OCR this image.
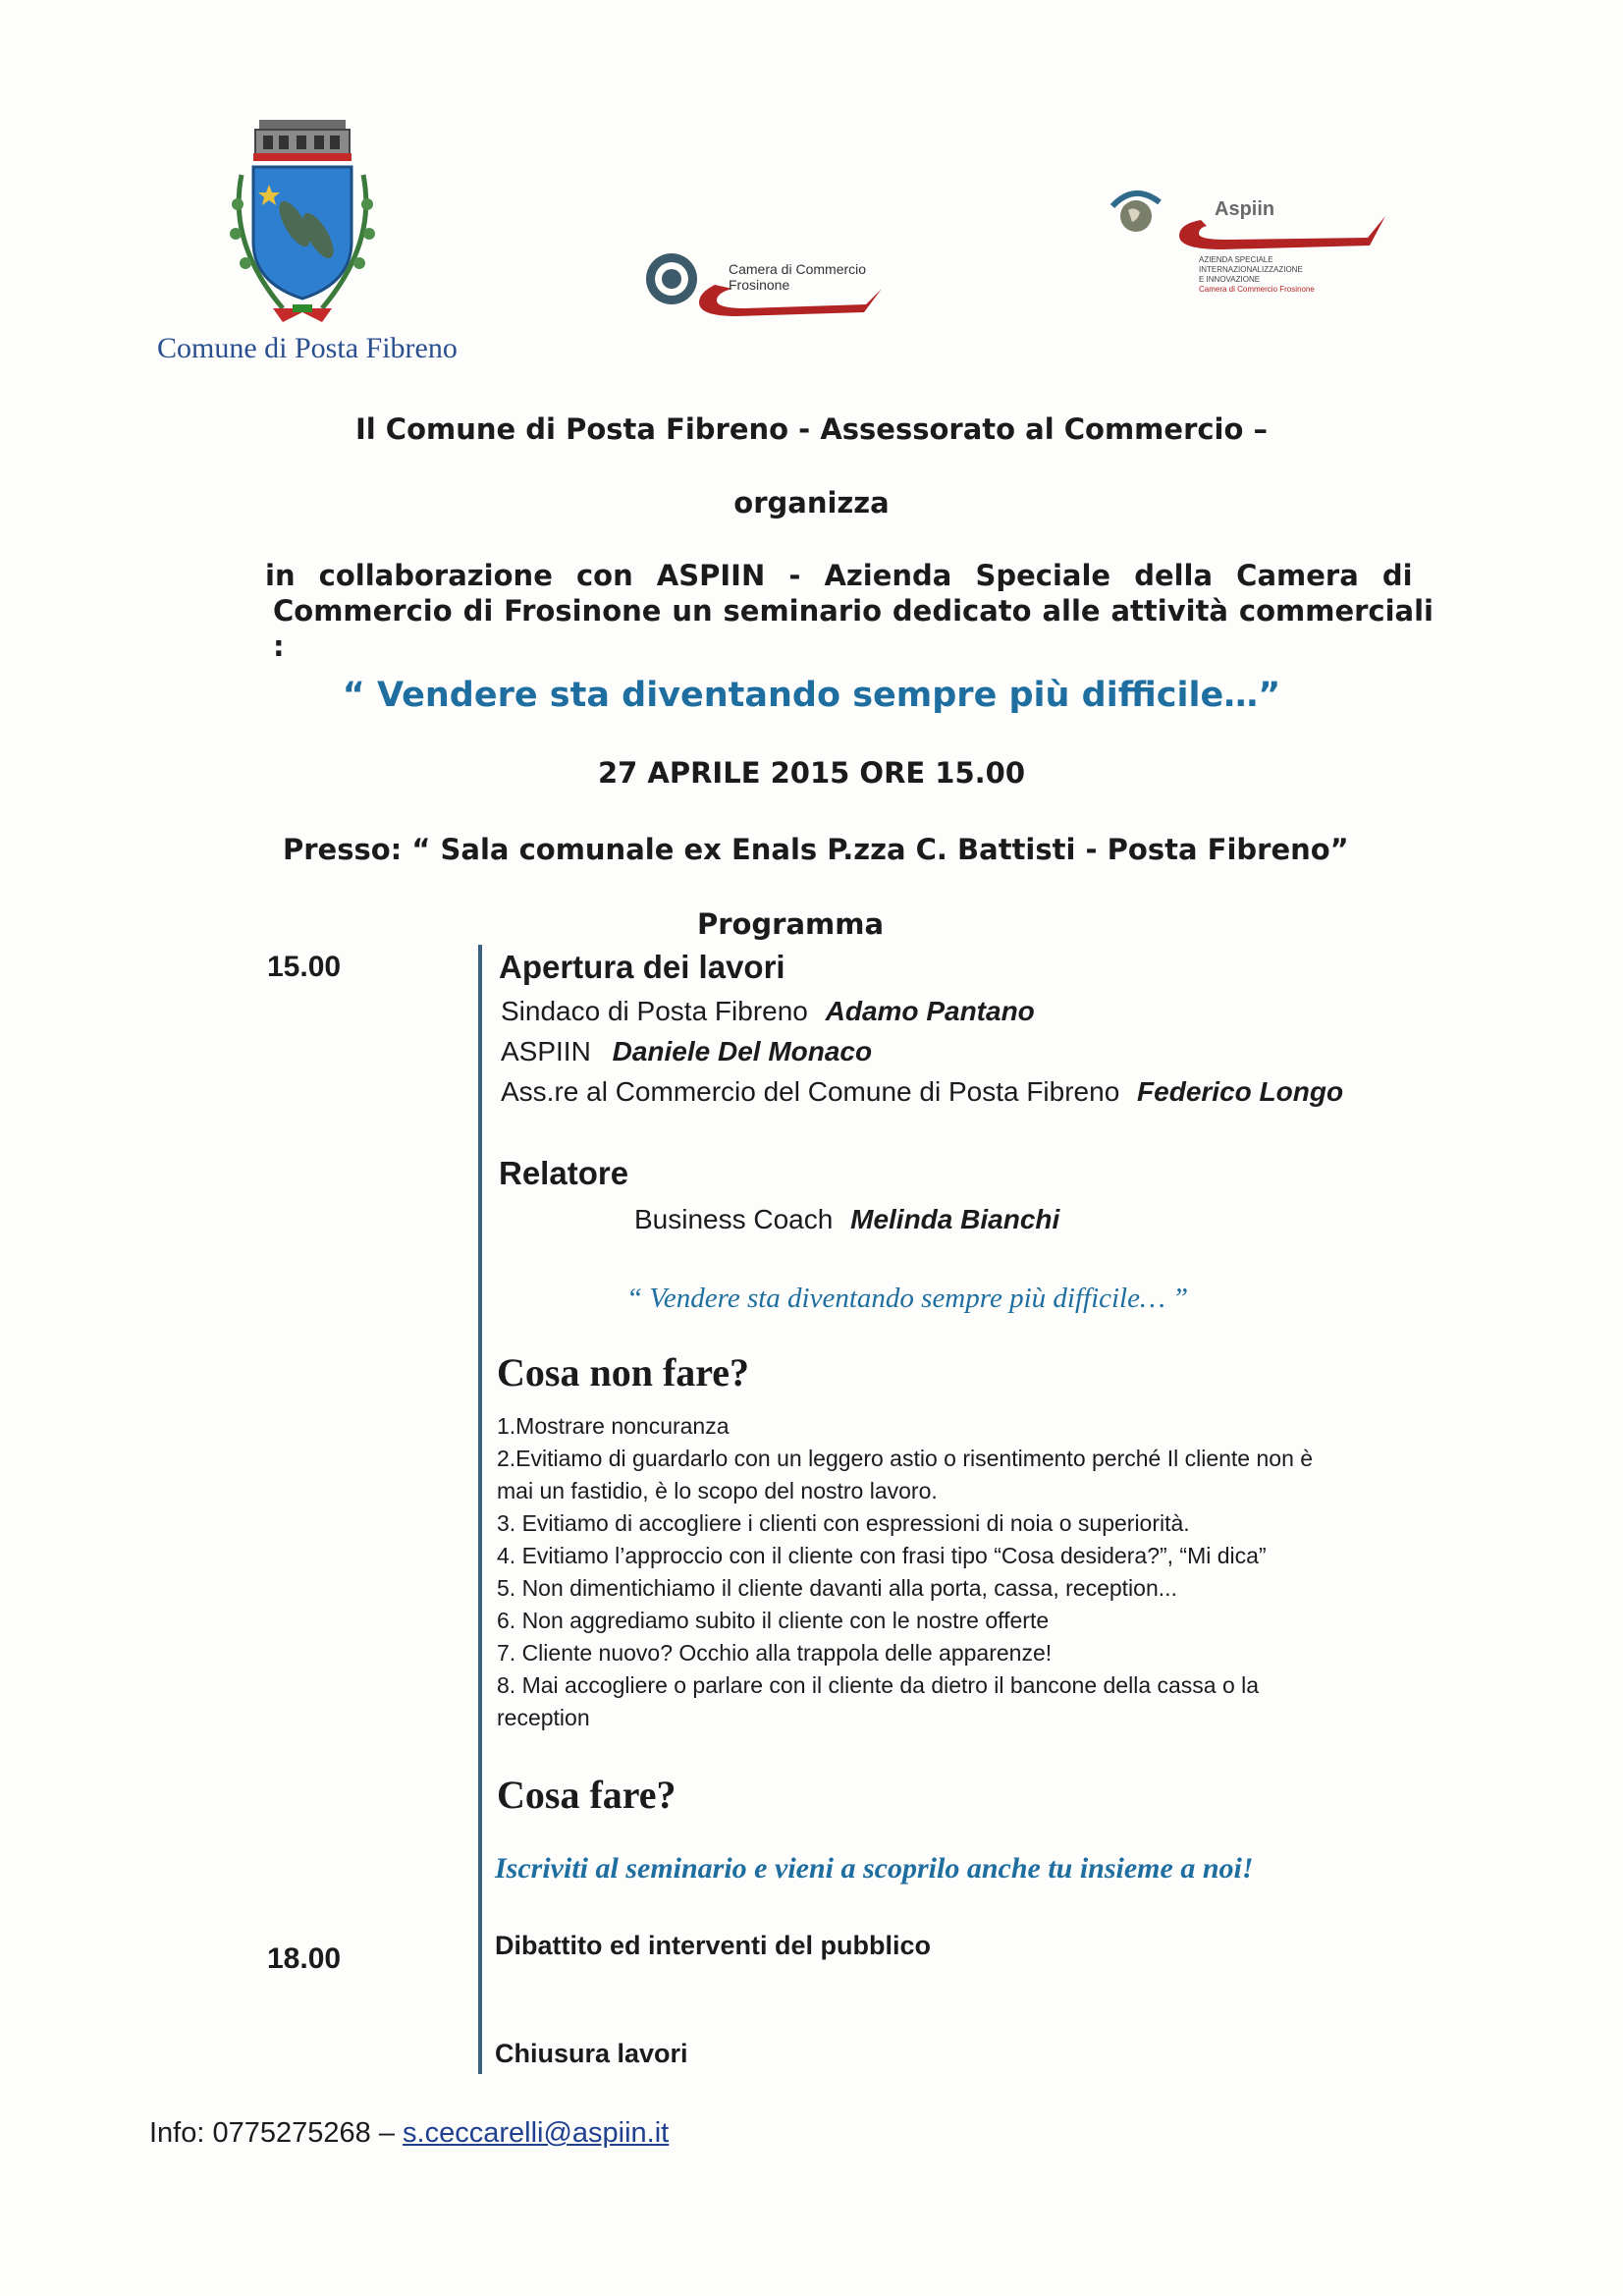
Comune di Posta Fibreno
Camera di Commercio
Frosinone
Aspiin
AZIENDA SPECIALE
INTERNAZIONALIZZAZIONE
E INNOVAZIONE
Camera di Commercio Frosinone
Il Comune di Posta Fibreno - Assessorato al Commercio –
organizza
in collaborazione con ASPIIN - Azienda Speciale della Camera di
Commercio di Frosinone un seminario dedicato alle attività commerciali :
“ Vendere sta diventando sempre più difficile…”
27 APRILE 2015 ORE 15.00
Presso: “ Sala comunale ex Enals P.zza C. Battisti - Posta Fibreno”
Programma
15.00	Apertura dei lavori
Sindaco di Posta Fibreno Adamo Pantano
ASPIIN Daniele Del Monaco
Ass.re al Commercio del Comune di Posta Fibreno Federico Longo
Relatore
Business Coach Melinda Bianchi
“ Vendere sta diventando sempre più difficile… ”
Cosa non fare?
1.Mostrare noncuranza
2.Evitiamo di guardarlo con un leggero astio o risentimento perché Il cliente non è
mai un fastidio, è lo scopo del nostro lavoro.
3. Evitiamo di accogliere i clienti con espressioni di noia o superiorità.
4. Evitiamo l’approccio con il cliente con frasi tipo “Cosa desidera?”, “Mi dica”
5. Non dimentichiamo il cliente davanti alla porta, cassa, reception...
6. Non aggrediamo subito il cliente con le nostre offerte
7. Cliente nuovo? Occhio alla trappola delle apparenze!
8. Mai accogliere o parlare con il cliente da dietro il bancone della cassa o la
reception
Cosa fare?
Iscriviti al seminario e vieni a scoprilo anche tu insieme a noi!
18.00	Dibattito ed interventi del pubblico
Chiusura lavori
Info: 0775275268 – s.ceccarelli@aspiin.it
